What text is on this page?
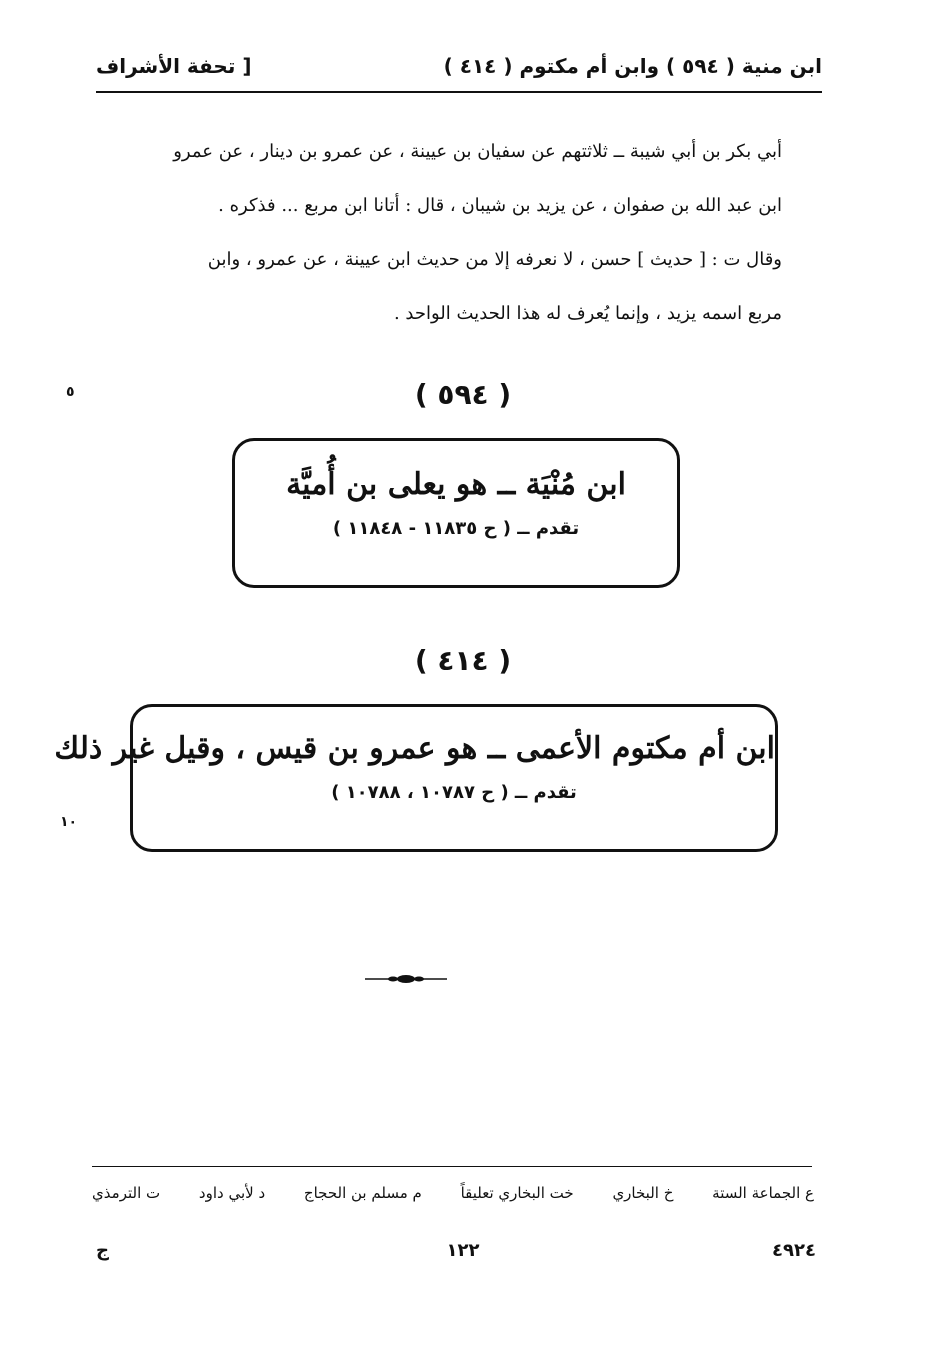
ابن منية ( ٥٩٤ ) وابن أم مكتوم ( ٤١٤ )
[ تحفة الأشراف
أبي بكر بن أبي شيبة ــ ثلاثتهم عن سفيان بن عيينة ، عن عمرو بن دينار ، عن عمرو
ابن عبد الله بن صفوان ، عن يزيد بن شيبان ، قال : أتانا ابن مربع ... فذكره .
وقال ت : [ حديث ] حسن ، لا نعرفه إلا من حديث ابن عيينة ، عن عمرو ، وابن
مربع اسمه يزيد ، وإنما يُعرف له هذا الحديث الواحد .
٥
١٠
( ٥٩٤ )
ابن مُنْيَة ــ هو يعلى بن أُميَّة
تقدم ــ ( ح ١١٨٣٥ - ١١٨٤٨ )
( ٤١٤ )
ابن أم مكتوم الأعمى ــ هو عمرو بن قيس ، وقيل غير ذلك
تقدم ــ ( ح ١٠٧٨٧ ، ١٠٧٨٨ )
ع الجماعة الستة
خ البخاري
خت البخاري تعليقاً
م مسلم بن الحجاج
د لأبي داود
ت الترمذي
٤٩٢٤
١٢٢
ج
